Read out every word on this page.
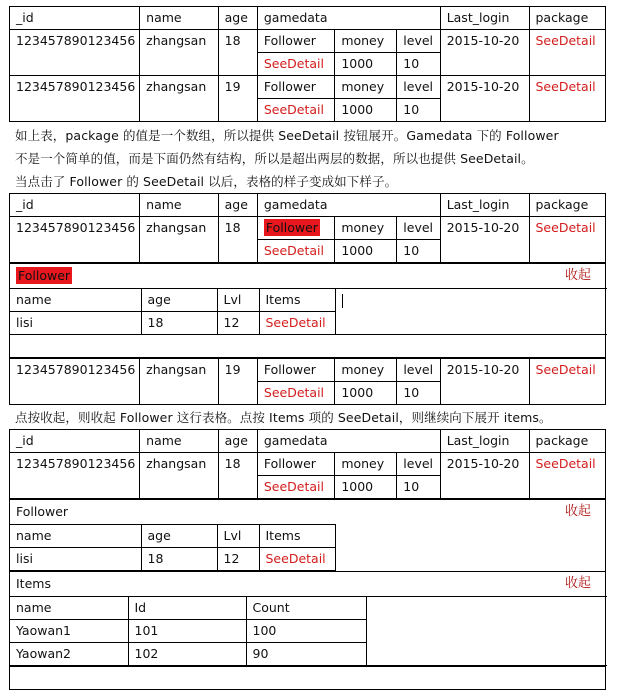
_id	name	age	gamedata			Last_login	package
123457890123456	zhangsan	18	Follower	money	level	2015-10-20	SeeDetail
			SeeDetail	1000	10		
123457890123456	zhangsan	19	Follower	money	level	2015-10-20	SeeDetail
			SeeDetail	1000	10		
如上表，package 的值是一个数组，所以提供 SeeDetail 按钮展开。Gamedata 下的 Follower
不是一个简单的值，而是下面仍然有结构，所以是超出两层的数据，所以也提供 SeeDetail。
当点击了 Follower 的 SeeDetail 以后，表格的样子变成如下样子。
_id	name	age	gamedata			Last_login	package
123457890123456	zhangsan	18	Follower	money	level	2015-10-20	SeeDetail
			SeeDetail	1000	10		
Follower	收起
name	age	Lvl	Items	
lisi	18	12	SeeDetail	
123457890123456	zhangsan	19	Follower	money	level	2015-10-20	SeeDetail
			SeeDetail	1000	10		
点按收起，则收起 Follower 这行表格。点按 Items 项的 SeeDetail，则继续向下展开 items。
_id	name	age	gamedata			Last_login	package
123457890123456	zhangsan	18	Follower	money	level	2015-10-20	SeeDetail
			SeeDetail	1000	10		
Follower	收起
name	age	Lvl	Items	
lisi	18	12	SeeDetail	
Items	收起
name	Id	Count	
Yaowan1	101	100	
Yaowan2	102	90	
